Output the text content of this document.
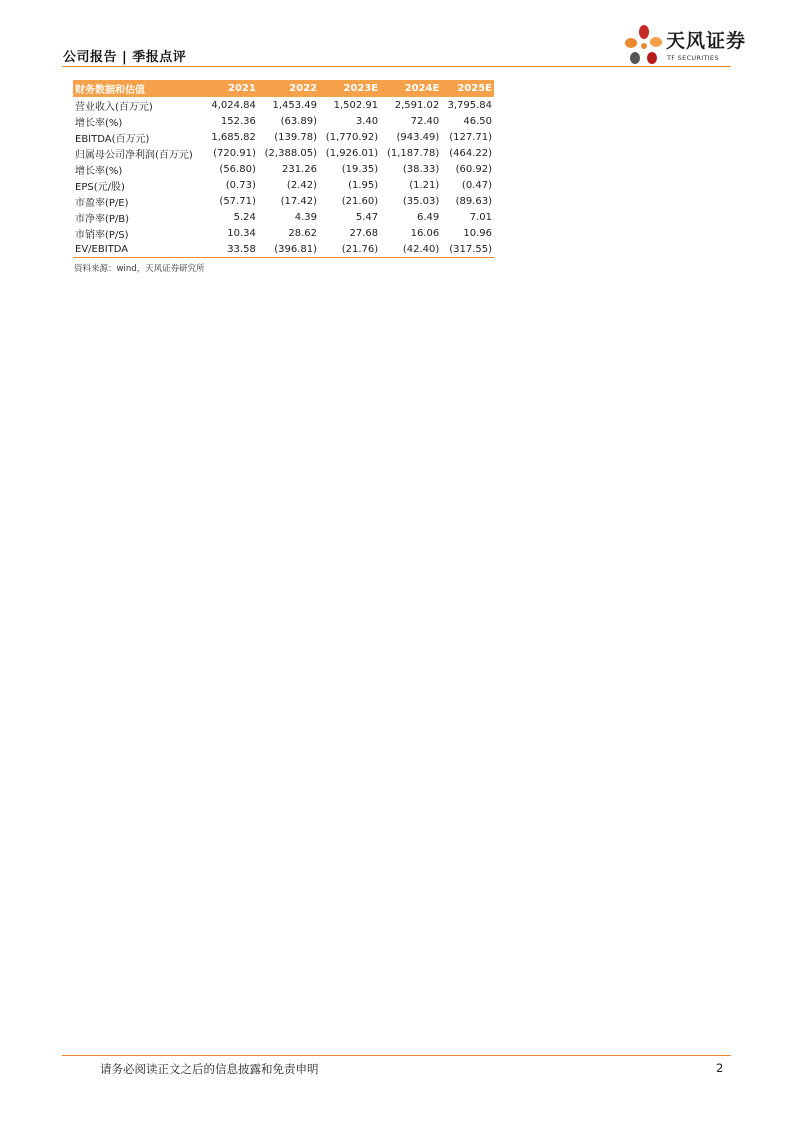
公司报告 | 季报点评
天风证券
TF SECURITIES
财务数据和估值	2021	2022	2023E	2024E	2025E
营业收入(百万元)	4,024.84	1,453.49	1,502.91	2,591.02	3,795.84
增长率(%)	152.36	(63.89)	3.40	72.40	46.50
EBITDA(百万元)	1,685.82	(139.78)	(1,770.92)	(943.49)	(127.71)
归属母公司净利润(百万元)	(720.91)	(2,388.05)	(1,926.01)	(1,187.78)	(464.22)
增长率(%)	(56.80)	231.26	(19.35)	(38.33)	(60.92)
EPS(元/股)	(0.73)	(2.42)	(1.95)	(1.21)	(0.47)
市盈率(P/E)	(57.71)	(17.42)	(21.60)	(35.03)	(89.63)
市净率(P/B)	5.24	4.39	5.47	6.49	7.01
市销率(P/S)	10.34	28.62	27.68	16.06	10.96
EV/EBITDA	33.58	(396.81)	(21.76)	(42.40)	(317.55)
资料来源：wind，天风证券研究所
请务必阅读正文之后的信息披露和免责申明	2
